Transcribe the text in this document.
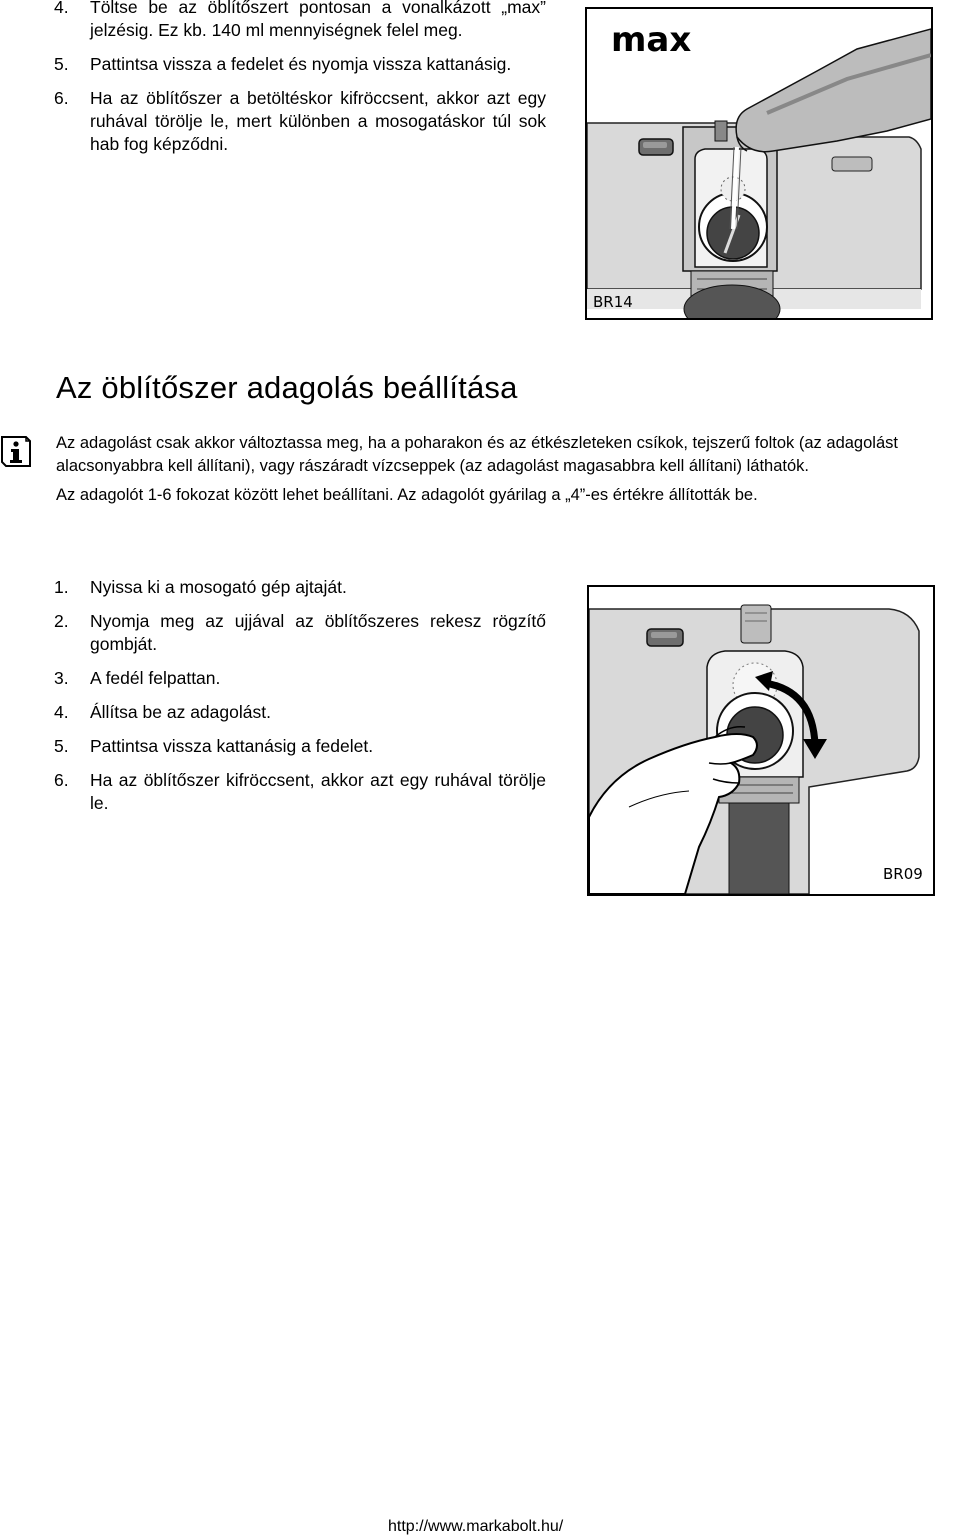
4. Töltse be az öblítőszert pontosan a vonalkázott „max” jelzésig. Ez kb. 140 ml mennyiségnek felel meg.
5. Pattintsa vissza a fedelet és nyomja vissza kattanásig.
6. Ha az öblítőszer a betöltéskor kifröccsent, akkor azt egy ruhával törölje le, mert különben a mosogatáskor túl sok hab fog képződni.
max
BR14
Az öblítőszer adagolás beállítása

Az adagolást csak akkor változtassa meg, ha a poharakon és az étkészleteken csíkok, tejszerű foltok (az adagolást alacsonyabbra kell állítani), vagy rászáradt vízcseppek (az adagolást magasabbra kell állítani) láthatók.

Az adagolót 1-6 fokozat között lehet beállítani. Az adagolót gyárilag a „4”-es értékre állították be.

1. Nyissa ki a mosogató gép ajtaját.
2. Nyomja meg az ujjával az öblítőszeres rekesz rögzítő gombját.
3. A fedél felpattan.
4. Állítsa be az adagolást.
5. Pattintsa vissza kattanásig a fedelet.
6. Ha az öblítőszer kifröccsent, akkor azt egy ruhával törölje le.
BR09
http://www.markabolt.hu/
